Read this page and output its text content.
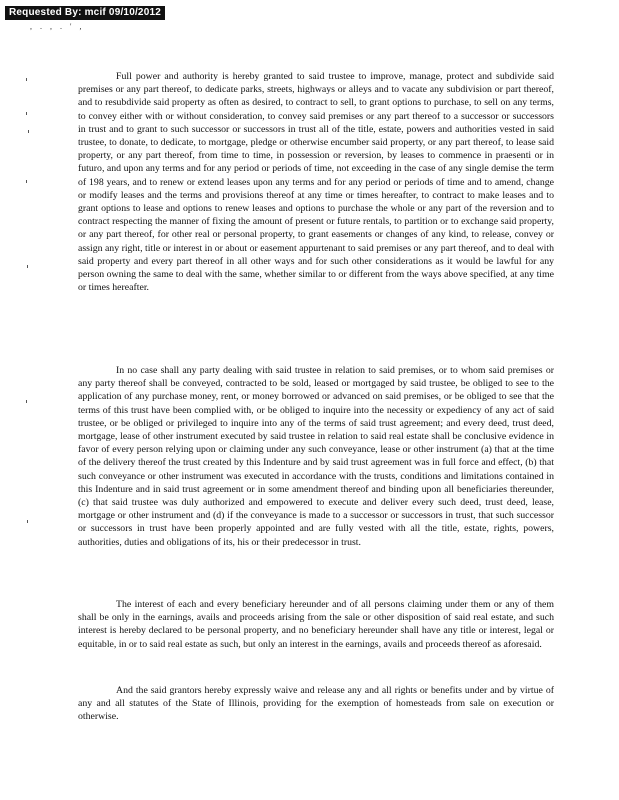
Requested By: mcif 09/10/2012
, . , . ' ,

Full power and authority is hereby granted to said trustee to improve, manage, protect and subdivide said premises or any part thereof, to dedicate parks, streets, highways or alleys and to vacate any subdivision or part thereof, and to resubdivide said property as often as desired, to contract to sell, to grant options to purchase, to sell on any terms, to convey either with or without consideration, to convey said premises or any part thereof to a successor or successors in trust and to grant to such successor or successors in trust all of the title, estate, powers and authorities vested in said trustee, to donate, to dedicate, to mortgage, pledge or otherwise encumber said property, or any part thereof, to lease said property, or any part thereof, from time to time, in possession or reversion, by leases to commence in praesenti or in futuro, and upon any terms and for any period or periods of time, not exceeding in the case of any single demise the term of 198 years, and to renew or extend leases upon any terms and for any period or periods of time and to amend, change or modify leases and the terms and provisions thereof at any time or times hereafter, to contract to make leases and to grant options to lease and options to renew leases and options to purchase the whole or any part of the reversion and to contract respecting the manner of fixing the amount of present or future rentals, to partition or to exchange said property, or any part thereof, for other real or personal property, to grant easements or changes of any kind, to release, convey or assign any right, title or interest in or about or easement appurtenant to said premises or any part thereof, and to deal with said property and every part thereof in all other ways and for such other considerations as it would be lawful for any person owning the same to deal with the same, whether similar to or different from the ways above specified, at any time or times hereafter.

In no case shall any party dealing with said trustee in relation to said premises, or to whom said premises or any party thereof shall be conveyed, contracted to be sold, leased or mortgaged by said trustee, be obliged to see to the application of any purchase money, rent, or money borrowed or advanced on said premises, or be obliged to see that the terms of this trust have been complied with, or be obliged to inquire into the necessity or expediency of any act of said trustee, or be obliged or privileged to inquire into any of the terms of said trust agreement; and every deed, trust deed, mortgage, lease of other instrument executed by said trustee in relation to said real estate shall be conclusive evidence in favor of every person relying upon or claiming under any such conveyance, lease or other instrument (a) that at the time of the delivery thereof the trust created by this Indenture and by said trust agreement was in full force and effect, (b) that such conveyance or other instrument was executed in accordance with the trusts, conditions and limitations contained in this Indenture and in said trust agreement or in some amendment thereof and binding upon all beneficiaries thereunder, (c) that said trustee was duly authorized and empowered to execute and deliver every such deed, trust deed, lease, mortgage or other instrument and (d) if the conveyance is made to a successor or successors in trust, that such successor or successors in trust have been properly appointed and are fully vested with all the title, estate, rights, powers, authorities, duties and obligations of its, his or their predecessor in trust.

The interest of each and every beneficiary hereunder and of all persons claiming under them or any of them shall be only in the earnings, avails and proceeds arising from the sale or other disposition of said real estate, and such interest is hereby declared to be personal property, and no beneficiary hereunder shall have any title or interest, legal or equitable, in or to said real estate as such, but only an interest in the earnings, avails and proceeds thereof as aforesaid.

And the said grantors hereby expressly waive and release any and all rights or benefits under and by virtue of any and all statutes of the State of Illinois, providing for the exemption of homesteads from sale on execution or otherwise.
